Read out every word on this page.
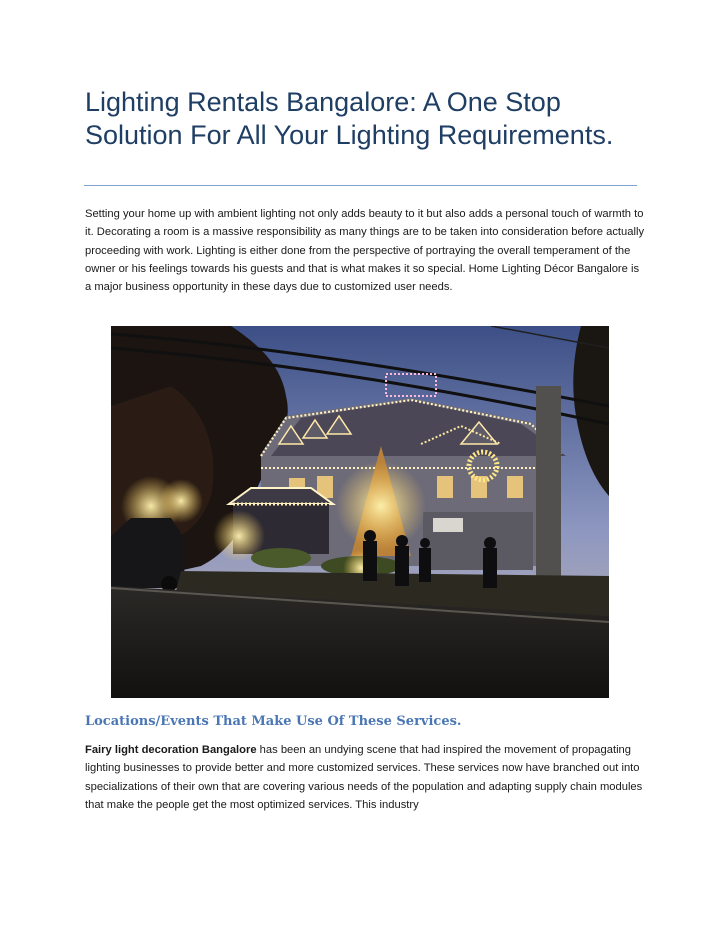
Lighting Rentals Bangalore: A One Stop Solution For All Your Lighting Requirements.

Setting your home up with ambient lighting not only adds beauty to it but also adds a personal touch of warmth to it. Decorating a room is a massive responsibility as many things are to be taken into consideration before actually proceeding with work. Lighting is either done from the perspective of portraying the overall temperament of the owner or his feelings towards his guests and that is what makes it so special. Home Lighting Décor Bangalore is a major business opportunity in these days due to customized user needs.

Locations/Events That Make Use Of These Services.

Fairy light decoration Bangalore has been an undying scene that had inspired the movement of propagating lighting businesses to provide better and more customized services. These services now have branched out into specializations of their own that are covering various needs of the population and adapting supply chain modules that make the people get the most optimized services. This industry
